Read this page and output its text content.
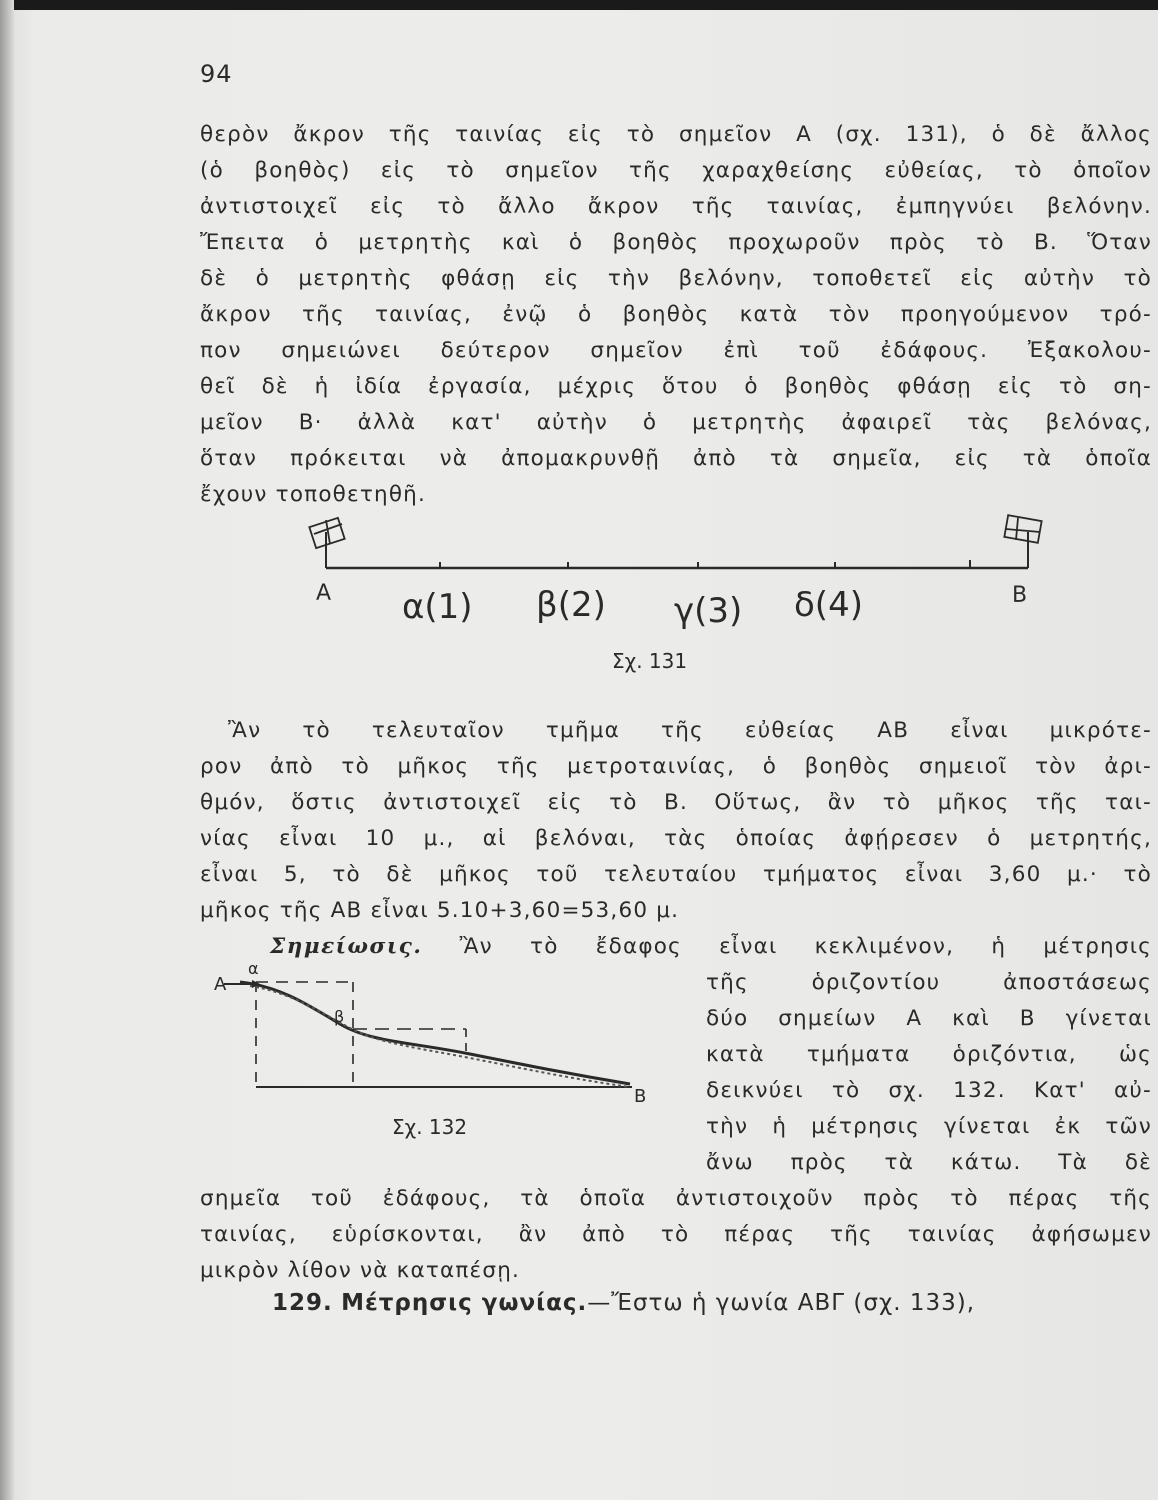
94
θερὸν ἄκρον τῆς ταινίας εἰς τὸ σημεῖον Α (σχ. 131), ὁ δὲ ἄλλος
(ὁ βοηθὸς) εἰς τὸ σημεῖον τῆς χαραχθείσης εὐθείας, τὸ ὁποῖον
ἀντιστοιχεῖ εἰς τὸ ἄλλο ἄκρον τῆς ταινίας, ἐμπηγνύει βελόνην.
Ἔπειτα ὁ μετρητὴς καὶ ὁ βοηθὸς προχωροῦν πρὸς τὸ Β. Ὅταν
δὲ ὁ μετρητὴς φθάσῃ εἰς τὴν βελόνην, τοποθετεῖ εἰς αὐτὴν τὸ
ἄκρον τῆς ταινίας, ἐνῷ ὁ βοηθὸς κατὰ τὸν προηγούμενον τρό-
πον σημειώνει δεύτερον σημεῖον ἐπὶ τοῦ ἐδάφους. Ἐξακολου-
θεῖ δὲ ἡ ἰδία ἐργασία, μέχρις ὅτου ὁ βοηθὸς φθάσῃ εἰς τὸ ση-
μεῖον Β· ἀλλὰ κατ' αὐτὴν ὁ μετρητὴς ἀφαιρεῖ τὰς βελόνας,
ὅταν πρόκειται νὰ ἀπομακρυνθῇ ἀπὸ τὰ σημεῖα, εἰς τὰ ὁποῖα
ἔχουν τοποθετηθῆ.
Α	Β
α(1) β(2) γ(3) δ(4)
Σχ. 131
Ἂν τὸ τελευταῖον τμῆμα τῆς εὐθείας ΑΒ εἶναι μικρότε-
ρον ἀπὸ τὸ μῆκος τῆς μετροταινίας, ὁ βοηθὸς σημειοῖ τὸν ἀρι-
θμόν, ὅστις ἀντιστοιχεῖ εἰς τὸ Β. Οὕτως, ἂν τὸ μῆκος τῆς ται-
νίας εἶναι 10 μ., αἱ βελόναι, τὰς ὁποίας ἀφῄρεσεν ὁ μετρητής,
εἶναι 5, τὸ δὲ μῆκος τοῦ τελευταίου τμήματος εἶναι 3,60 μ.· τὸ
μῆκος τῆς ΑΒ εἶναι 5.10+3,60=53,60 μ.
Σημείωσις. Ἂν τὸ ἔδαφος εἶναι κεκλιμένον, ἡ μέτρησις
τῆς ὁριζοντίου ἀποστάσεως
δύο σημείων Α καὶ Β γίνεται
κατὰ τμήματα ὁριζόντια, ὡς
δεικνύει τὸ σχ. 132. Κατ' αὐ-
τὴν ἡ μέτρησις γίνεται ἐκ τῶν
ἄνω πρὸς τὰ κάτω. Τὰ δὲ
σημεῖα τοῦ ἐδάφους, τὰ ὁποῖα ἀντιστοιχοῦν πρὸς τὸ πέρας τῆς
ταινίας, εὑρίσκονται, ἂν ἀπὸ τὸ πέρας τῆς ταινίας ἀφήσωμεν
μικρὸν λίθον νὰ καταπέσῃ.
Α
α
β
Β
Σχ. 132
129. Μέτρησις γωνίας.—Ἔστω ἡ γωνία ΑΒΓ (σχ. 133),
